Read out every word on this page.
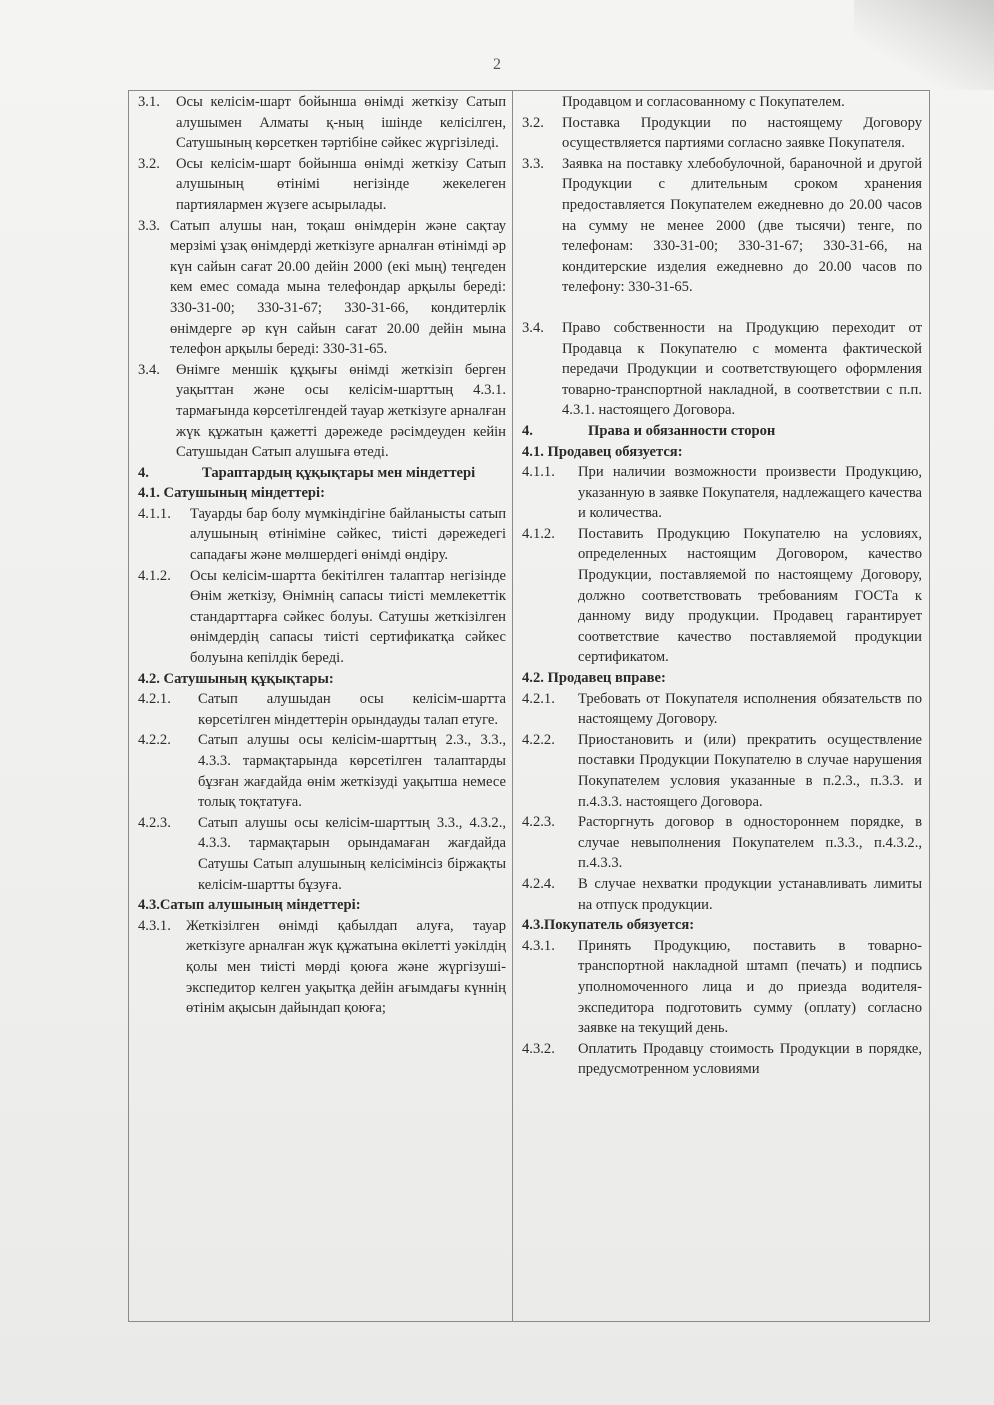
2
3.1.	Осы келісім-шарт бойынша өнімді жеткізу Сатып алушымен Алматы қ-ның ішінде келісілген, Сатушының көрсеткен тәртібіне сәйкес жүргізіледі.
3.2.	Осы келісім-шарт бойынша өнімді жеткізу Сатып алушының өтінімі негізінде жекелеген партиялармен жүзеге асырылады.
3.3. Сатып алушы нан, тоқаш өнімдерін және сақтау мерзімі ұзақ өнімдерді жеткізуге арналған өтінімді әр күн сайын сағат 20.00 дейін 2000 (екі мың) теңгеден кем емес сомада мына телефондар арқылы береді: 330-31-00; 330-31-67; 330-31-66, кондитерлік өнімдерге әр күн сайын сағат 20.00 дейін мына телефон арқылы береді: 330-31-65.
3.4.	Өнімге меншік құқығы өнімді жеткізіп берген уақыттан және осы келісім-шарттың 4.3.1. тармағында көрсетілгендей тауар жеткізуге арналған жүк құжатын қажетті дәрежеде рәсімдеуден кейін Сатушыдан Сатып алушыға өтеді.
4.	Тараптардың құқықтары мен міндеттері
4.1. Сатушының міндеттері:
4.1.1.	Тауарды бар болу мүмкіндігіне байланысты сатып алушының өтініміне сәйкес, тиісті дәрежедегі сападағы және мөлшердегі өнімді өндіру.
4.1.2.	Осы келісім-шартта бекітілген талаптар негізінде Өнім жеткізу, Өнімнің сапасы тиісті мемлекеттік стандарттарға сәйкес болуы. Сатушы жеткізілген өнімдердің сапасы тиісті сертификатқа сәйкес болуына кепілдік береді.
4.2. Сатушының құқықтары:
4.2.1.	Сатып алушыдан осы келісім-шартта көрсетілген міндеттерін орындауды талап етуге.
4.2.2.	Сатып алушы осы келісім-шарттың 2.3., 3.3., 4.3.3. тармақтарында көрсетілген талаптарды бұзған жағдайда өнім жеткізуді уақытша немесе толық тоқтатуға.
4.2.3.	Сатып алушы осы келісім-шарттың 3.3., 4.3.2., 4.3.3. тармақтарын орындамаған жағдайда Сатушы Сатып алушының келісімінсіз біржақты келісім-шартты бұзуға.
4.3.Сатып алушының міндеттері:
4.3.1.	Жеткізілген өнімді қабылдап алуға, тауар жеткізуге арналған жүк құжатына өкілетті уәкілдің қолы мен тиісті мөрді қоюға және жүргізуші-экспедитор келген уақытқа дейін ағымдағы күннің өтінім ақысын дайындап қоюға;
Продавцом и согласованному с Покупателем.
3.2.	Поставка Продукции по настоящему Договору осуществляется партиями согласно заявке Покупателя.
3.3.	Заявка на поставку хлебобулочной, бараночной и другой Продукции с длительным сроком хранения предоставляется Покупателем ежедневно до 20.00 часов на сумму не менее 2000 (две тысячи) тенге, по телефонам: 330-31-00; 330-31-67; 330-31-66, на кондитерские изделия ежедневно до 20.00 часов по телефону: 330-31-65.
3.4.	Право собственности на Продукцию переходит от Продавца к Покупателю с момента фактической передачи Продукции и соответствующего оформления товарно-транспортной накладной, в соответствии с п.п. 4.3.1. настоящего Договора.
4.	Права и обязанности сторон
4.1. Продавец обязуется:
4.1.1.	При наличии возможности произвести Продукцию, указанную в заявке Покупателя, надлежащего качества и количества.
4.1.2.	Поставить Продукцию Покупателю на условиях, определенных настоящим Договором, качество Продукции, поставляемой по настоящему Договору, должно соответствовать требованиям ГОСТа к данному виду продукции. Продавец гарантирует соответствие качество поставляемой продукции сертификатом.
4.2. Продавец вправе:
4.2.1.	Требовать от Покупателя исполнения обязательств по настоящему Договору.
4.2.2.	Приостановить и (или) прекратить осуществление поставки Продукции Покупателю в случае нарушения Покупателем условия указанные в п.2.3., п.3.3. и п.4.3.3. настоящего Договора.
4.2.3.	Расторгнуть договор в одностороннем порядке, в случае невыполнения Покупателем п.3.3., п.4.3.2., п.4.3.3.
4.2.4.	В случае нехватки продукции устанавливать лимиты на отпуск продукции.
4.3.Покупатель обязуется:
4.3.1.	Принять Продукцию, поставить в товарно-транспортной накладной штамп (печать) и подпись уполномоченного лица и до приезда водителя-экспедитора подготовить сумму (оплату) согласно заявке на текущий день.
4.3.2.	Оплатить Продавцу стоимость Продукции в порядке, предусмотренном условиями
